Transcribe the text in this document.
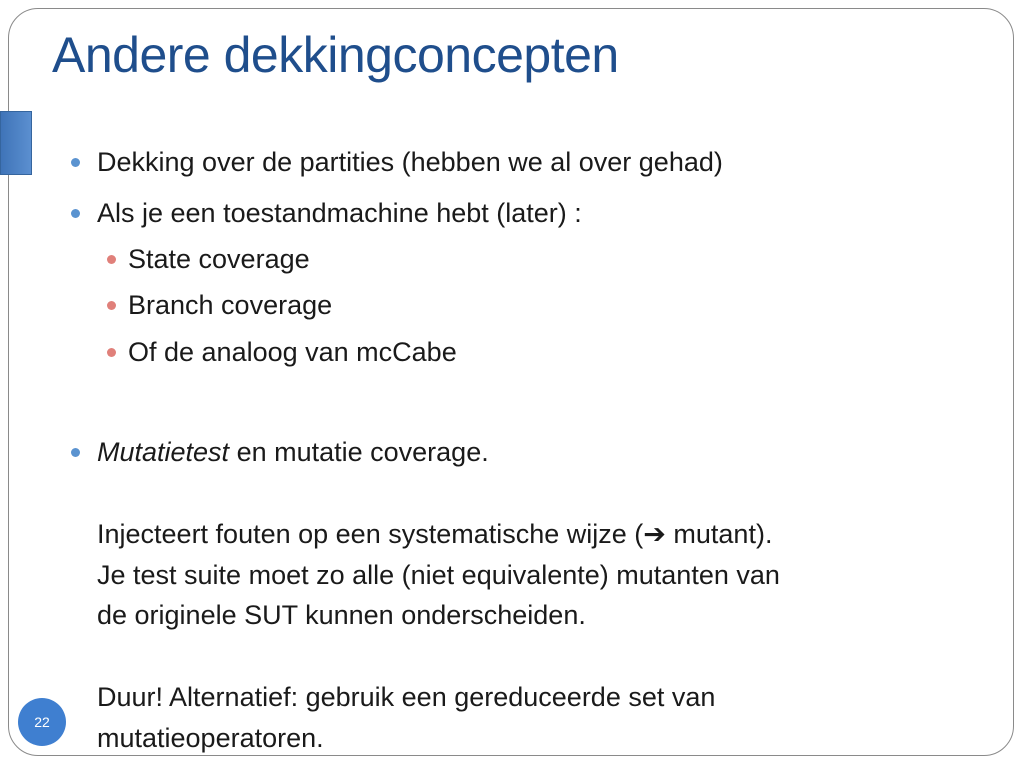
Andere dekkingconcepten
Dekking over de partities (hebben we al over gehad)
Als je een toestandmachine hebt (later) :
State coverage
Branch coverage
Of de analoog van mcCabe
Mutatietest en mutatie coverage.
Injecteert fouten op een systematische wijze (➔ mutant).
Je test suite moet zo alle (niet equivalente) mutanten van
de originele SUT kunnen onderscheiden.
Duur! Alternatief: gebruik een gereduceerde set van
mutatieoperatoren.
22
